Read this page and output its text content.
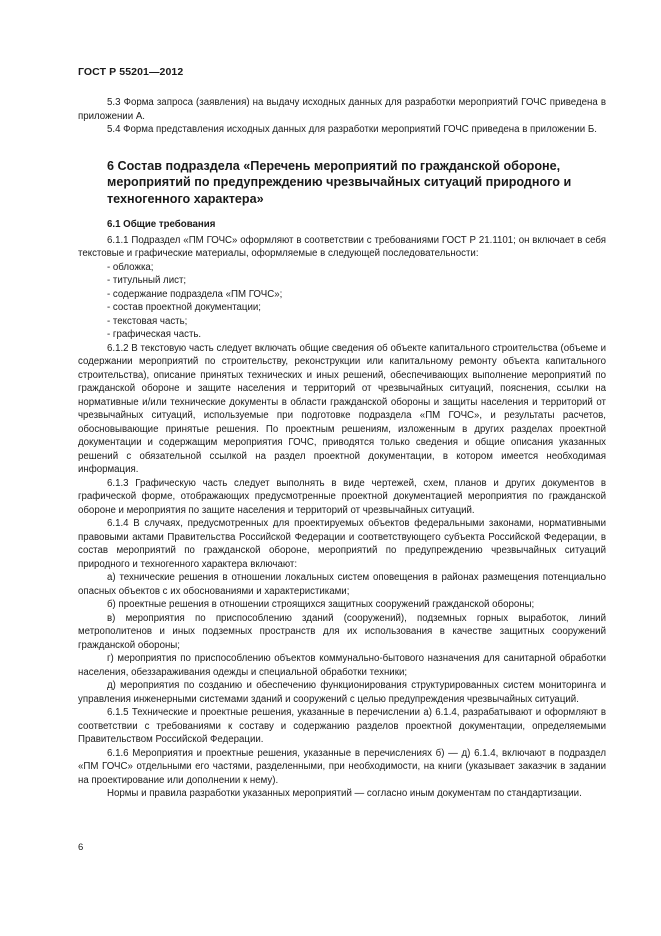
ГОСТ Р 55201—2012

5.3 Форма запроса (заявления) на выдачу исходных данных для разработки мероприятий ГОЧС приведена в приложении А.

5.4 Форма представления исходных данных для разработки мероприятий ГОЧС приведена в приложении Б.

6 Состав подраздела «Перечень мероприятий по гражданской обороне, мероприятий по предупреждению чрезвычайных ситуаций природного и техногенного характера»
6.1 Общие требования

6.1.1 Подраздел «ПМ ГОЧС» оформляют в соответствии с требованиями ГОСТ Р 21.1101; он включает в себя текстовые и графические материалы, оформляемые в следующей последовательности:

- обложка;

- титульный лист;

- содержание подраздела «ПМ ГОЧС»;

- состав проектной документации;

- текстовая часть;

- графическая часть.

6.1.2 В текстовую часть следует включать общие сведения об объекте капитального строительства (объеме и содержании мероприятий по строительству, реконструкции или капитальному ремонту объекта капитального строительства), описание принятых технических и иных решений, обеспечивающих выполнение мероприятий по гражданской обороне и защите населения и территорий от чрезвычайных ситуаций, пояснения, ссылки на нормативные и/или технические документы в области гражданской обороны и защиты населения и территорий от чрезвычайных ситуаций, используемые при подготовке подраздела «ПМ ГОЧС», и результаты расчетов, обосновывающие принятые решения. По проектным решениям, изложенным в других разделах проектной документации и содержащим мероприятия ГОЧС, приводятся только сведения и общие описания указанных решений с обязательной ссылкой на раздел проектной документации, в котором имеется необходимая информация.

6.1.3 Графическую часть следует выполнять в виде чертежей, схем, планов и других документов в графической форме, отображающих предусмотренные проектной документацией мероприятия по гражданской обороне и мероприятия по защите населения и территорий от чрезвычайных ситуаций.

6.1.4 В случаях, предусмотренных для проектируемых объектов федеральными законами, нормативными правовыми актами Правительства Российской Федерации и соответствующего субъекта Российской Федерации, в состав мероприятий по гражданской обороне, мероприятий по предупреждению чрезвычайных ситуаций природного и техногенного характера включают:

а) технические решения в отношении локальных систем оповещения в районах размещения потенциально опасных объектов с их обоснованиями и характеристиками;

б) проектные решения в отношении строящихся защитных сооружений гражданской обороны;

в) мероприятия по приспособлению зданий (сооружений), подземных горных выработок, линий метрополитенов и иных подземных пространств для их использования в качестве защитных сооружений гражданской обороны;

г) мероприятия по приспособлению объектов коммунально-бытового назначения для санитарной обработки населения, обеззараживания одежды и специальной обработки техники;

д) мероприятия по созданию и обеспечению функционирования структурированных систем мониторинга и управления инженерными системами зданий и сооружений с целью предупреждения чрезвычайных ситуаций.

6.1.5 Технические и проектные решения, указанные в перечислении а) 6.1.4, разрабатывают и оформляют в соответствии с требованиями к составу и содержанию разделов проектной документации, определяемыми Правительством Российской Федерации.

6.1.6 Мероприятия и проектные решения, указанные в перечислениях б) — д) 6.1.4, включают в подраздел «ПМ ГОЧС» отдельными его частями, разделенными, при необходимости, на книги (указывает заказчик в задании на проектирование или дополнении к нему).

Нормы и правила разработки указанных мероприятий — согласно иным документам по стандартизации.

6
